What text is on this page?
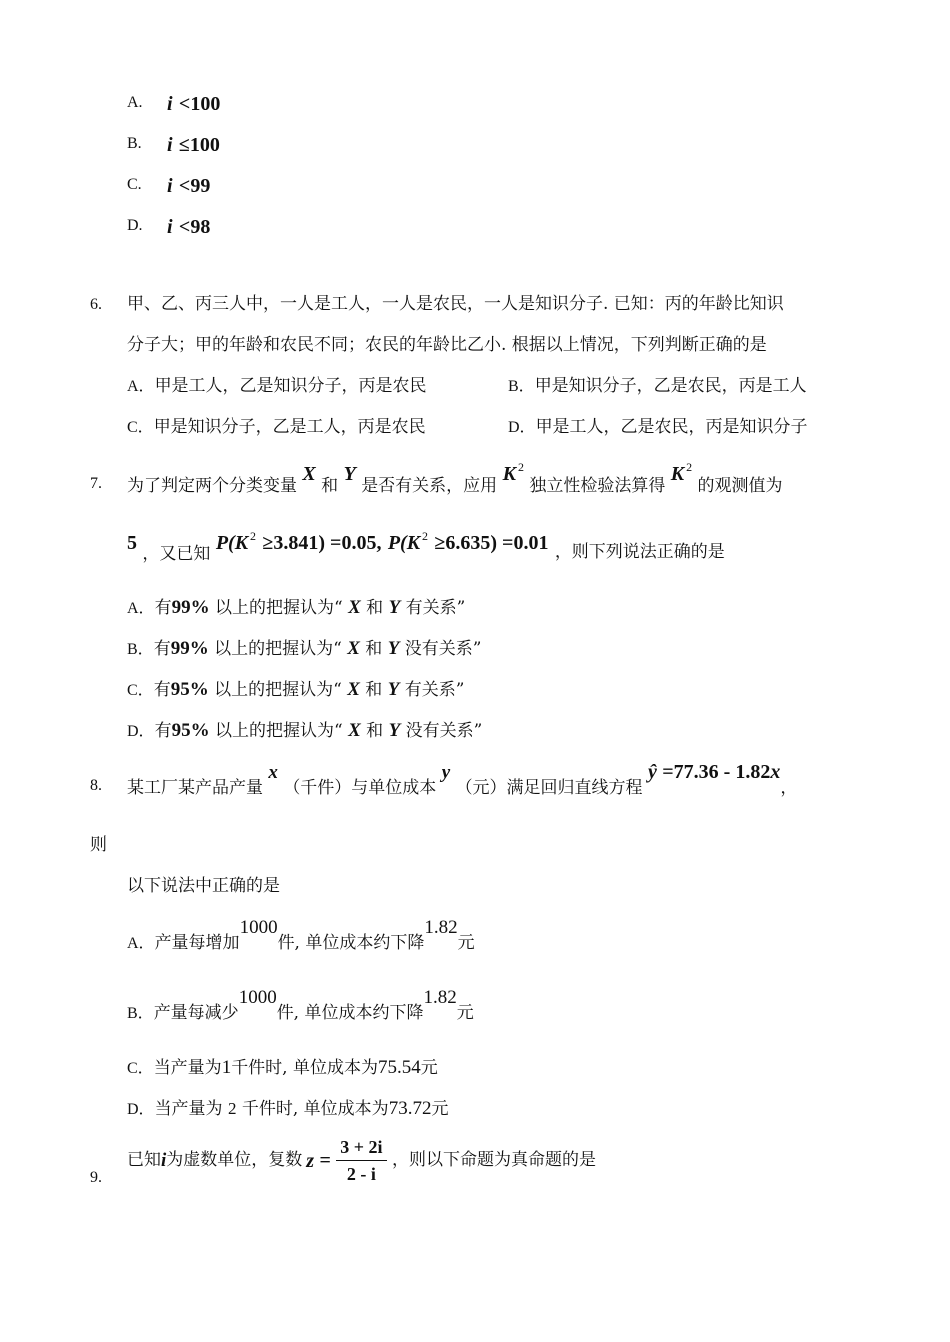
A. i <100
B. i ≤100
C. i <99
D. i <98
6. 甲、乙、丙三人中，一人是工人，一人是农民，一人是知识分子. 已知：丙的年龄比知识
分子大；甲的年龄和农民不同；农民的年龄比乙小. 根据以上情况，下列判断正确的是
A．甲是工人，乙是知识分子，丙是农民	B．甲是知识分子，乙是农民，丙是工人
C．甲是知识分子，乙是工人，丙是农民	D．甲是工人，乙是农民，丙是知识分子
7. 为了判定两个分类变量 X 和 Y 是否有关系，应用 K $^2$ 独立性检验法算得 K $^2$ 的观测值为
5 ，又已知 P(K $^2$ ≥3.841) =0.05, P(K $^2$ ≥6.635) =0.01 ，则下列说法正确的是
A．有99% 以上的把握认为“ X 和 Y 有关系”
B．有99% 以上的把握认为“ X 和 Y 没有关系”
C．有95% 以上的把握认为“ X 和 Y 有关系”
D．有95% 以上的把握认为“ X 和 Y 没有关系”
8. 某工厂某产品产量 x （千件）与单位成本 y （元）满足回归直线方程 ŷ =77.36 - 1.82x，
则
以下说法中正确的是
A．产量每增加1000件, 单位成本约下降1.82元
B．产量每减少1000件, 单位成本约下降1.82元
C．当产量为1千件时, 单位成本为75.54元
D．当产量为 2 千件时, 单位成本为73.72元
9.
已知i为虚数单位，复数 $z = \frac{3 + 2i}{2 - i}$ ，则以下命题为真命题的是
